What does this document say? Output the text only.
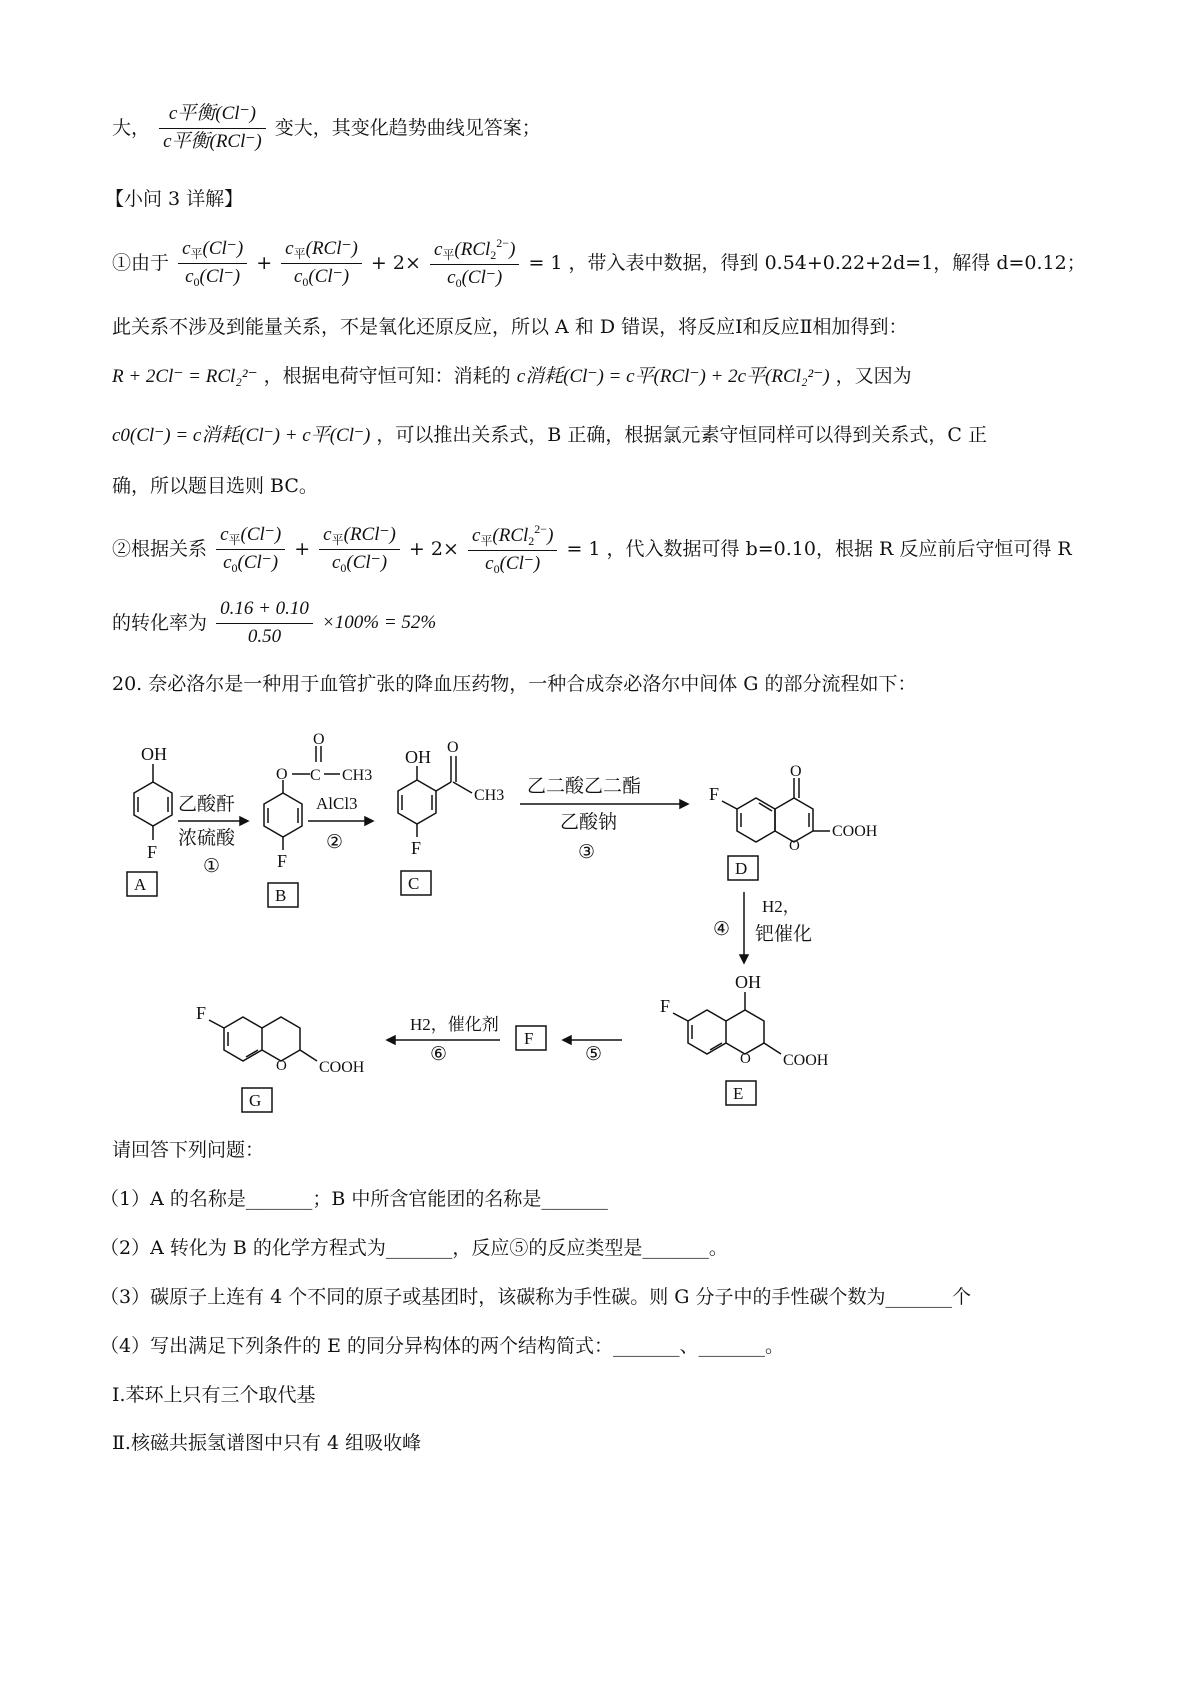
大， $\frac{\text{c平衡(Cl⁻)}}{\text{c平衡(RCl⁻)}}$ 变大，其变化趋势曲线见答案；
【小问 3 详解】
①由于 $\frac{c_平(Cl^-)}{c_0(Cl^-)} + \frac{c_平(RCl^-)}{c_0(Cl^-)} + 2\times \frac{c_平(RCl_2^{2-})}{c_0(Cl^-)} = 1$ ，带入表中数据，得到 0.54+0.22+2d=1，解得 d=0.12；
此关系不涉及到能量关系，不是氧化还原反应，所以 A 和 D 错误，将反应Ⅰ和反应Ⅱ相加得到：
R + 2Cl⁻ = RCl₂²⁻ ，根据电荷守恒可知：消耗的 c消耗(Cl⁻) = c平(RCl⁻) + 2c平(RCl₂²⁻) ，又因为
c0(Cl⁻) = c消耗(Cl⁻) + c平(Cl⁻) ，可以推出关系式，B 正确，根据氯元素守恒同样可以得到关系式，C 正
确，所以题目选则 BC。
②根据关系 $\frac{c_平(Cl^-)}{c_0(Cl^-)} + \frac{c_平(RCl^-)}{c_0(Cl^-)} + 2\times \frac{c_平(RCl_2^{2-})}{c_0(Cl^-)} = 1$ ，代入数据可得 b=0.10，根据 R 反应前后守恒可得 R
的转化率为 $\frac{0.16 + 0.10}{0.50} \times 100\% = 52\%$
20. 奈必洛尔是一种用于血管扩张的降血压药物，一种合成奈必洛尔中间体 G 的部分流程如下：
OH
F
A
乙酸酐
浓硫酸
①
O C
O
CH3
F
B
AlCl3
②
OH O
CH3
F
C
乙二酸乙二酯
乙酸钠
③
O
F
O
COOH
D
H2，
钯催化
④
OH
F
O COOH
E
⑤
F
H2，催化剂
⑥
F
O COOH
G
请回答下列问题：
（1）A 的名称是_______；B 中所含官能团的名称是_______
（2）A 转化为 B 的化学方程式为_______，反应⑤的反应类型是_______。
（3）碳原子上连有 4 个不同的原子或基团时，该碳称为手性碳。则 G 分子中的手性碳个数为_______个
（4）写出满足下列条件的 E 的同分异构体的两个结构简式：_______、_______。
Ⅰ.苯环上只有三个取代基
Ⅱ.核磁共振氢谱图中只有 4 组吸收峰
